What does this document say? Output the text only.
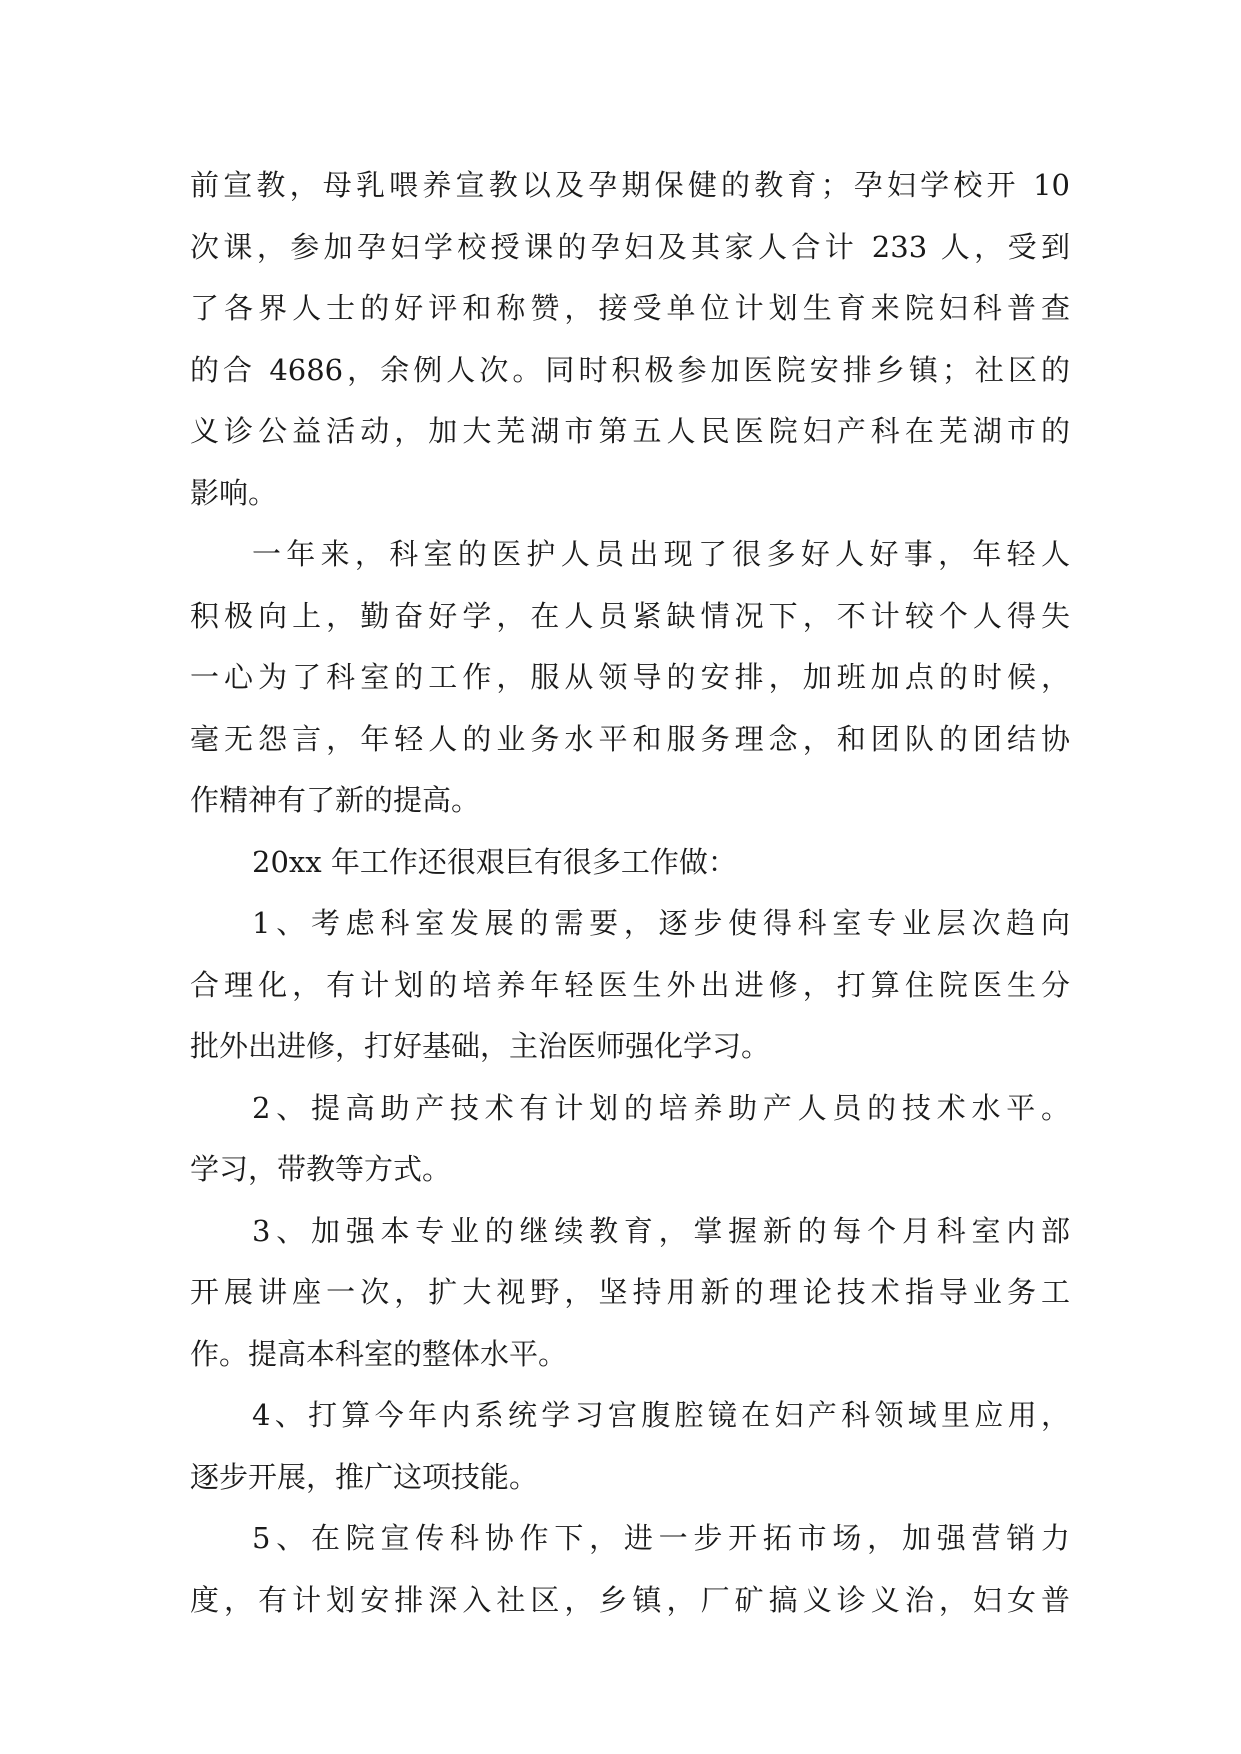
前宣教，母乳喂养宣教以及孕期保健的教育；孕妇学校开 10
次课，参加孕妇学校授课的孕妇及其家人合计 233 人，受到
了各界人士的好评和称赞，接受单位计划生育来院妇科普查
的合 4686，余例人次。同时积极参加医院安排乡镇；社区的
义诊公益活动，加大芜湖市第五人民医院妇产科在芜湖市的
影响。
一年来，科室的医护人员出现了很多好人好事，年轻人
积极向上，勤奋好学，在人员紧缺情况下，不计较个人得失
一心为了科室的工作，服从领导的安排，加班加点的时候，
毫无怨言，年轻人的业务水平和服务理念，和团队的团结协
作精神有了新的提高。
20xx 年工作还很艰巨有很多工作做：
1、考虑科室发展的需要，逐步使得科室专业层次趋向
合理化，有计划的培养年轻医生外出进修，打算住院医生分
批外出进修，打好基础，主治医师强化学习。
2、提高助产技术有计划的培养助产人员的技术水平。
学习，带教等方式。
3、加强本专业的继续教育，掌握新的每个月科室内部
开展讲座一次，扩大视野，坚持用新的理论技术指导业务工
作。提高本科室的整体水平。
4、打算今年内系统学习宫腹腔镜在妇产科领域里应用，
逐步开展，推广这项技能。
5、在院宣传科协作下，进一步开拓市场，加强营销力
度，有计划安排深入社区，乡镇，厂矿搞义诊义治，妇女普
